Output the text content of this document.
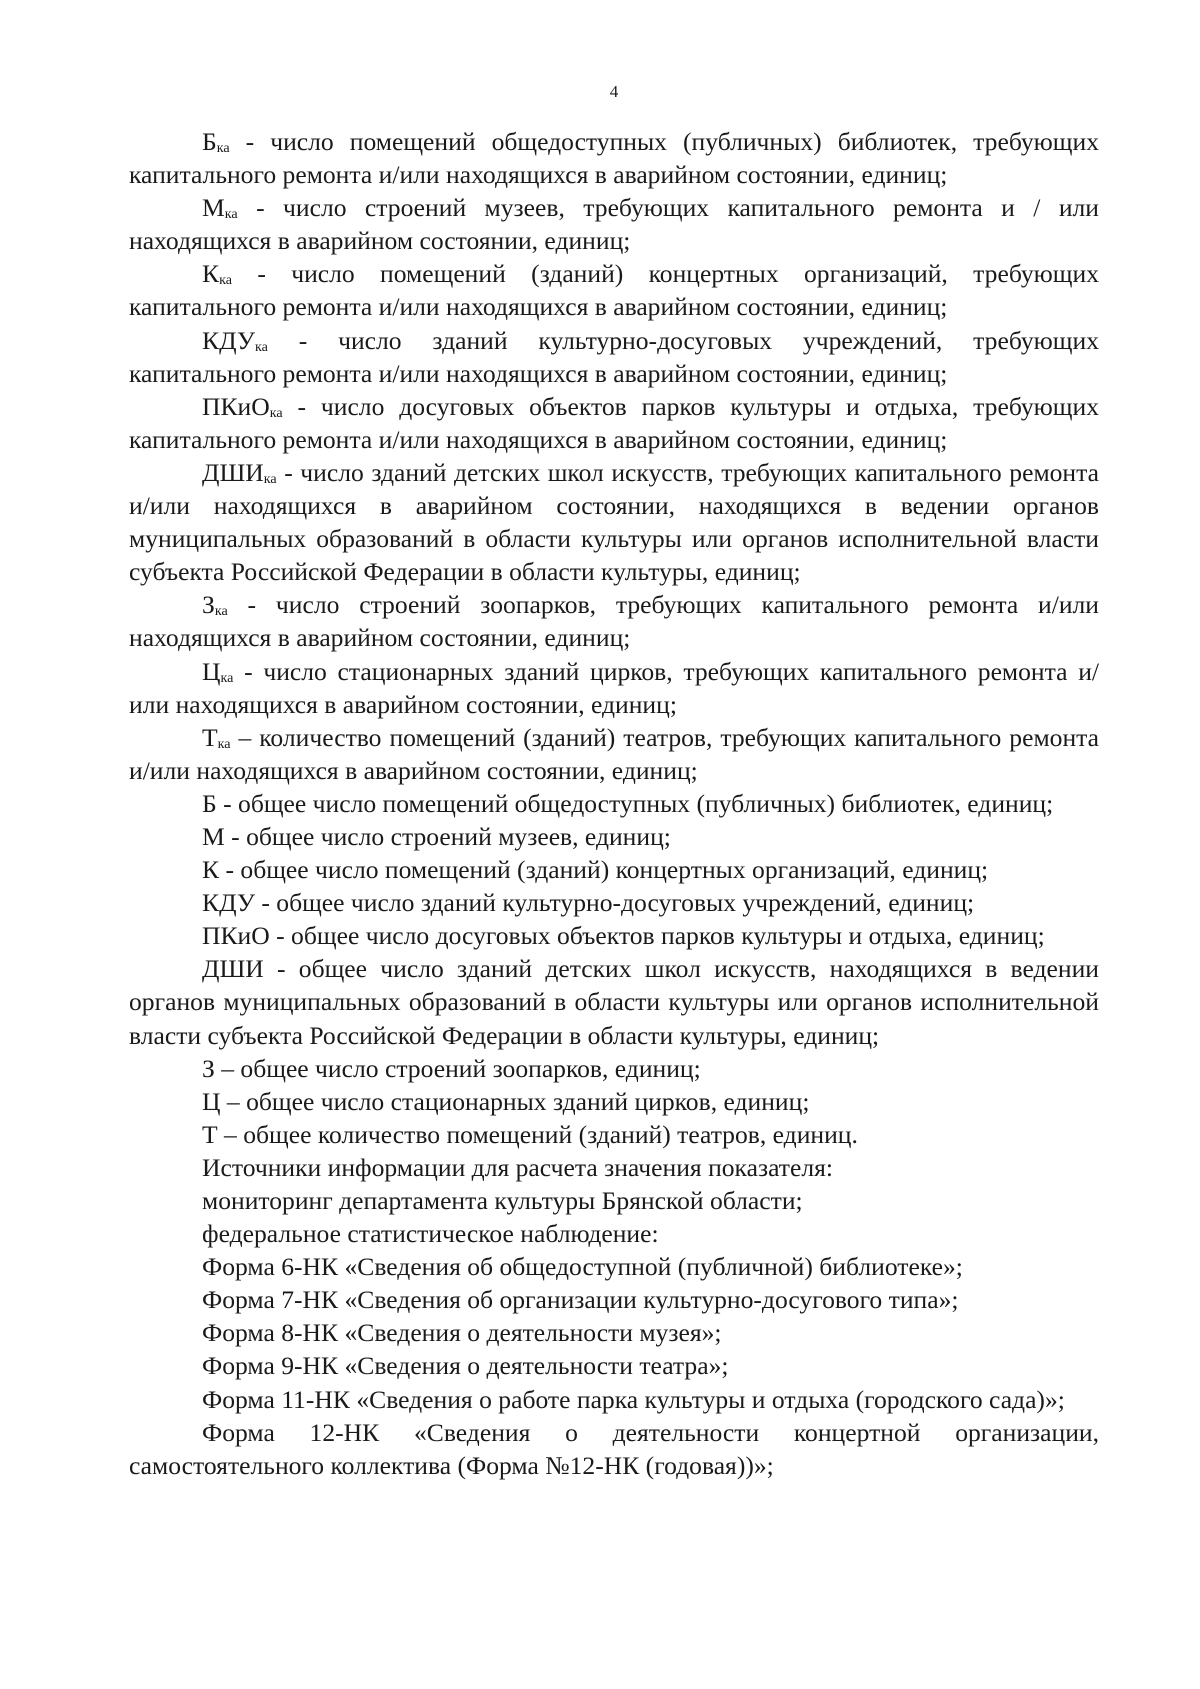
4

$Б_{ка}$ - число помещений общедоступных (публичных) библиотек, требующих капитального ремонта и/или находящихся в аварийном состоянии, единиц;

$М_{ка}$ - число строений музеев, требующих капитального ремонта и / или находящихся в аварийном состоянии, единиц;

$К_{ка}$ - число помещений (зданий) концертных организаций, требующих капитального ремонта и/или находящихся в аварийном состоянии, единиц;

$КДУ_{ка}$ - число зданий культурно-досуговых учреждений, требующих капитального ремонта и/или находящихся в аварийном состоянии, единиц;

ПКиО$_{ка}$ - число досуговых объектов парков культуры и отдыха, требующих капитального ремонта и/или находящихся в аварийном состоянии, единиц;

$ДШИ_{ка}$ - число зданий детских школ искусств, требующих капитального ремонта и/или находящихся в аварийном состоянии, находящихся в ведении органов муниципальных образований в области культуры или органов исполнительной власти субъекта Российской Федерации в области культуры, единиц;

$З_{ка}$ - число строений зоопарков, требующих капитального ремонта и/или находящихся в аварийном состоянии, единиц;

$Ц_{ка}$ - число стационарных зданий цирков, требующих капитального ремонта и/или находящихся в аварийном состоянии, единиц;

$Т_{ка}$ – количество помещений (зданий) театров, требующих капитального ремонта и/или находящихся в аварийном состоянии, единиц;

Б - общее число помещений общедоступных (публичных) библиотек, единиц;

М - общее число строений музеев, единиц;

К - общее число помещений (зданий) концертных организаций, единиц;

КДУ - общее число зданий культурно-досуговых учреждений, единиц;

ПКиО - общее число досуговых объектов парков культуры и отдыха, единиц;

ДШИ - общее число зданий детских школ искусств, находящихся в ведении органов муниципальных образований в области культуры или органов исполнительной власти субъекта Российской Федерации в области культуры, единиц;

З – общее число строений зоопарков, единиц;

Ц – общее число стационарных зданий цирков, единиц;

Т – общее количество помещений (зданий) театров, единиц.

Источники информации для расчета значения показателя:

мониторинг департамента культуры Брянской области;

федеральное статистическое наблюдение:

Форма 6-НК «Сведения об общедоступной (публичной) библиотеке»;

Форма 7-НК «Сведения об организации культурно-досугового типа»;

Форма 8-НК «Сведения о деятельности музея»;

Форма 9-НК «Сведения о деятельности театра»;

Форма 11-НК «Сведения о работе парка культуры и отдыха (городского сада)»;

Форма 12-НК «Сведения о деятельности концертной организации, самостоятельного коллектива (Форма №12-НК (годовая))»;
